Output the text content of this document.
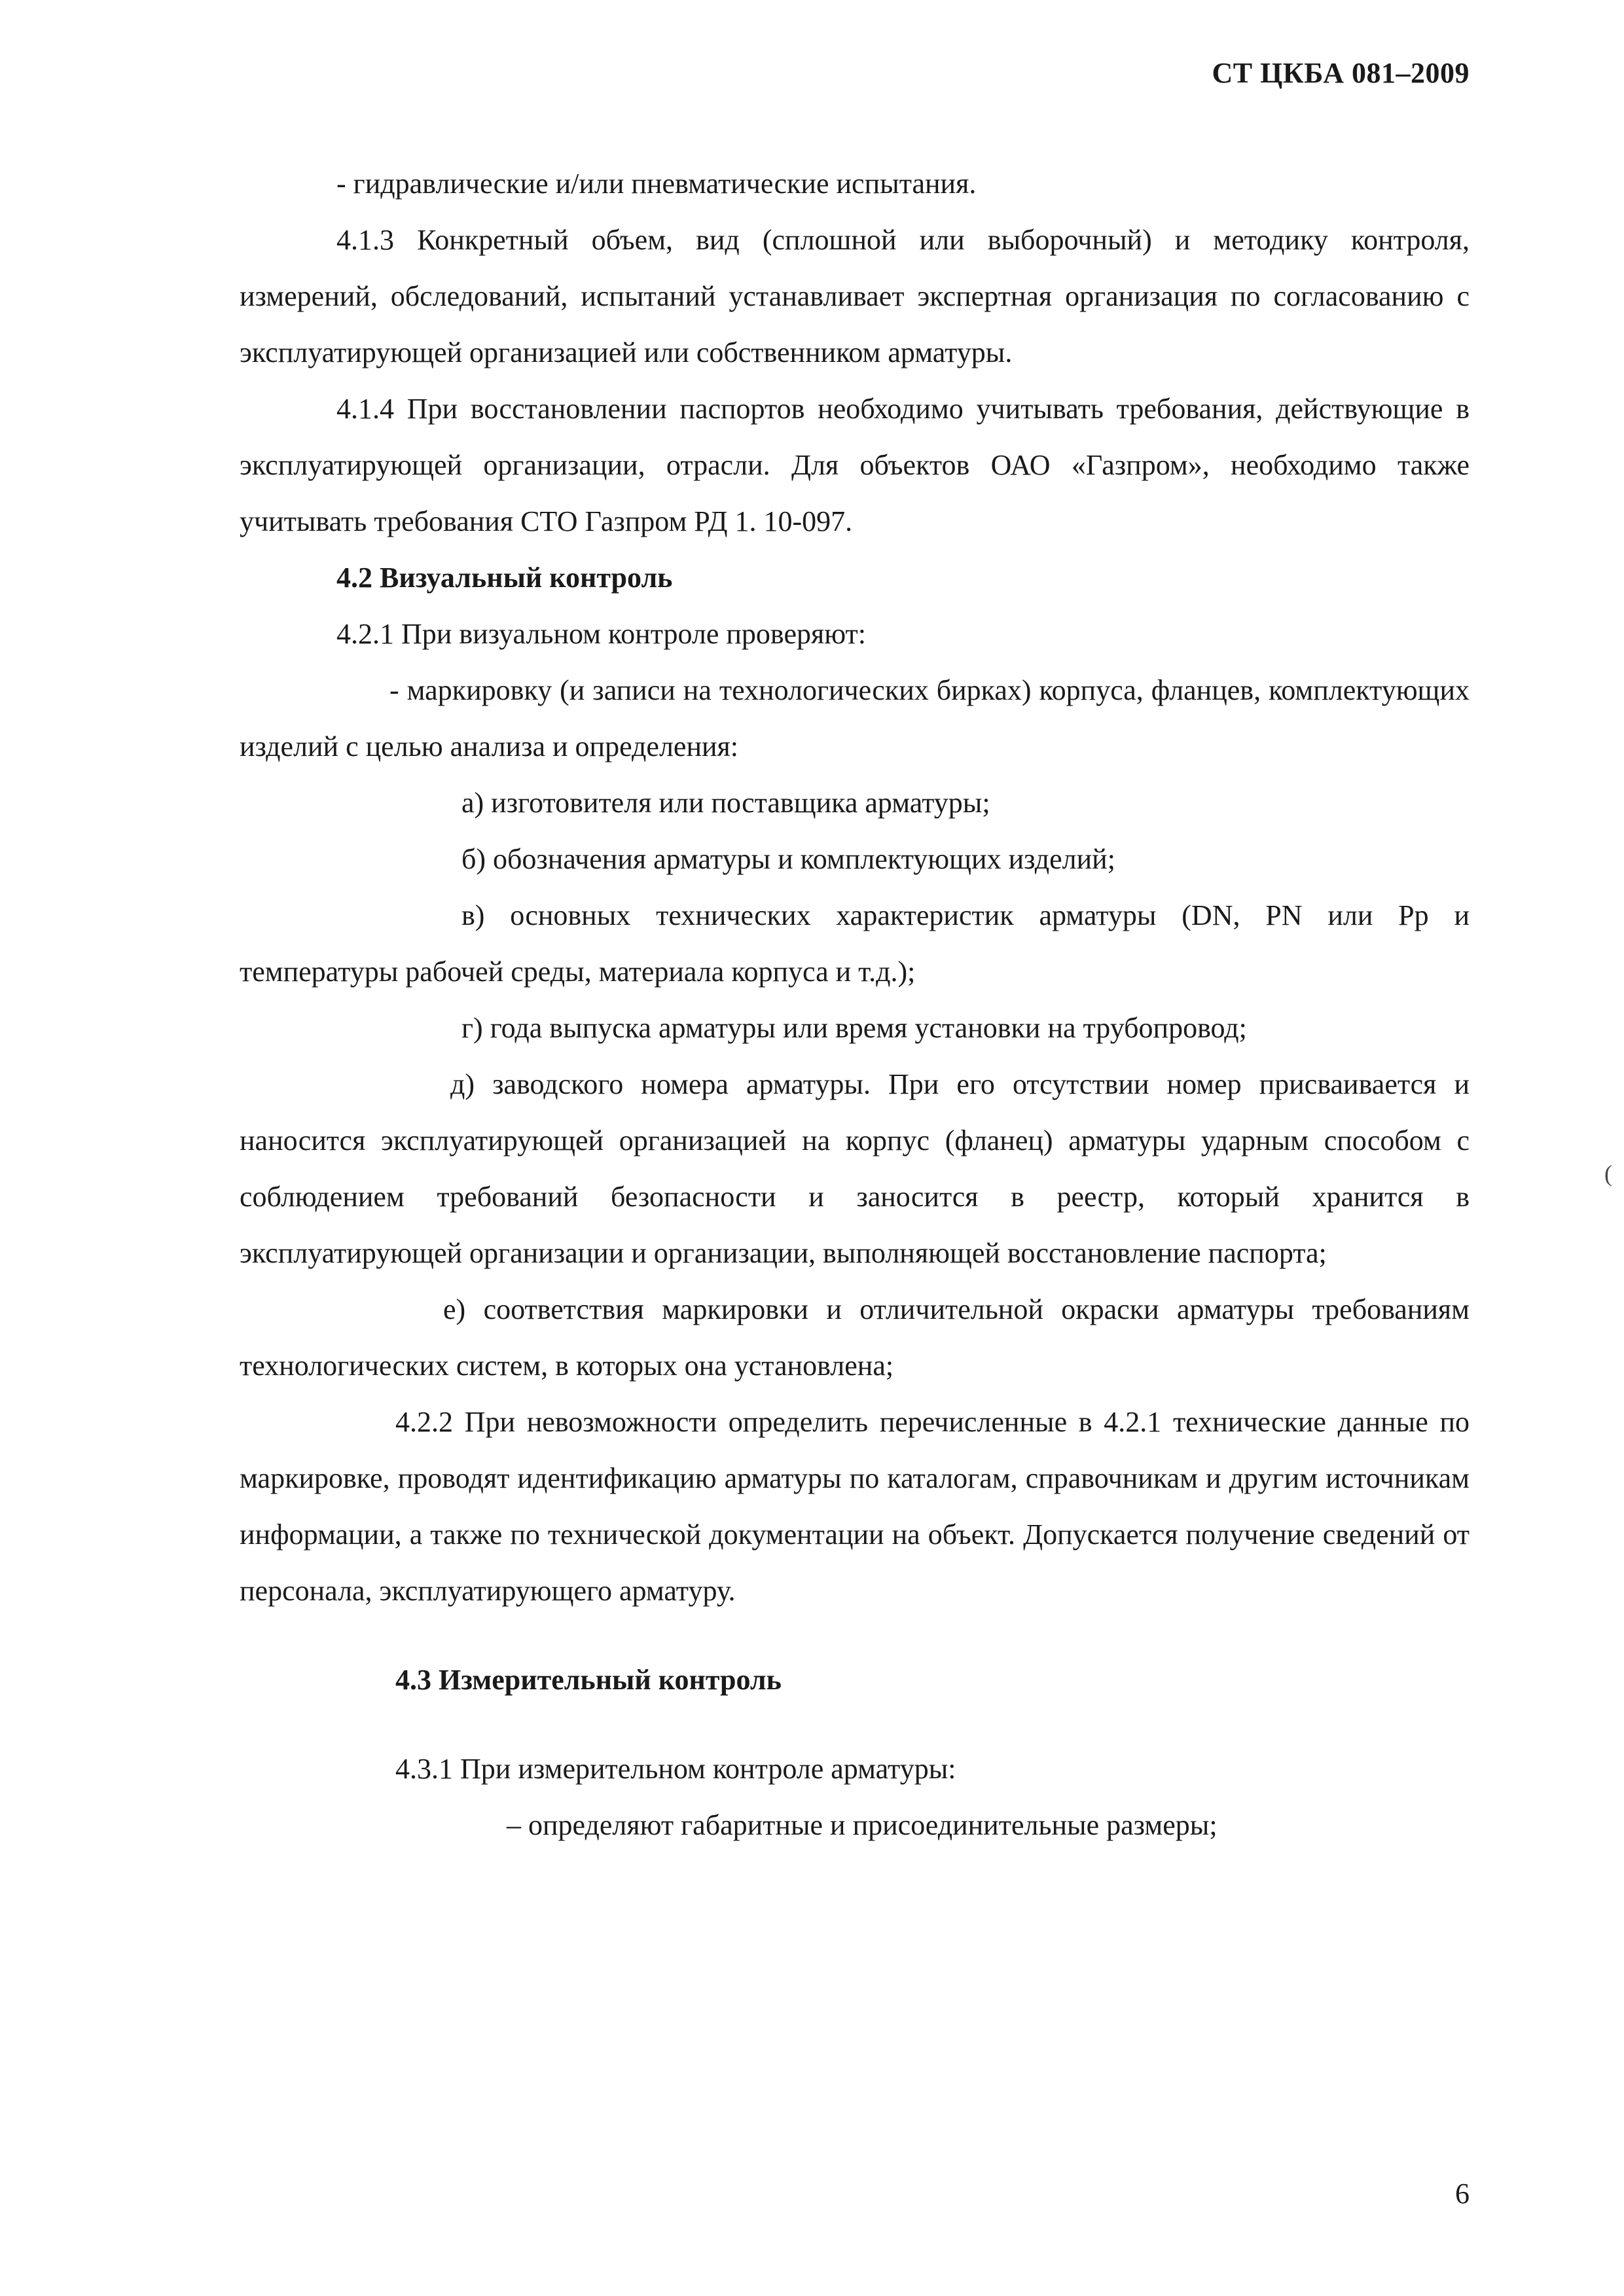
СТ ЦКБА 081–2009

- гидравлические и/или пневматические испытания.

4.1.3 Конкретный объем, вид (сплошной или выборочный) и методику контроля, измерений, обследований, испытаний устанавливает экспертная организация по согласованию с эксплуатирующей организацией или собственником арматуры.

4.1.4 При восстановлении паспортов необходимо учитывать требования, действующие в эксплуатирующей организации, отрасли. Для объектов ОАО «Газпром», необходимо также учитывать требования СТО Газпром РД 1. 10-097.

4.2 Визуальный контроль

4.2.1 При визуальном контроле проверяют:

- маркировку (и записи на технологических бирках) корпуса, фланцев, комплектующих изделий с целью анализа и определения:

а) изготовителя или поставщика арматуры;

б) обозначения арматуры и комплектующих изделий;

в) основных технических характеристик арматуры (DN, PN или Рр и температуры рабочей среды, материала корпуса и т.д.);

г) года выпуска арматуры или время установки на трубопровод;

д) заводского номера арматуры. При его отсутствии номер присваивается и наносится эксплуатирующей организацией на корпус (фланец) арматуры ударным способом с соблюдением требований безопасности и заносится в реестр, который хранится в эксплуатирующей организации и организации, выполняющей восстановление паспорта;

е) соответствия маркировки и отличительной окраски арматуры требованиям технологических систем, в которых она установлена;

4.2.2 При невозможности определить перечисленные в 4.2.1 технические данные по маркировке, проводят идентификацию арматуры по каталогам, справочникам и другим источникам информации, а также по технической документации на объект. Допускается получение сведений от персонала, эксплуатирующего арматуру.

4.3 Измерительный контроль

4.3.1 При измерительном контроле арматуры:

– определяют габаритные и присоединительные размеры;

(
6
